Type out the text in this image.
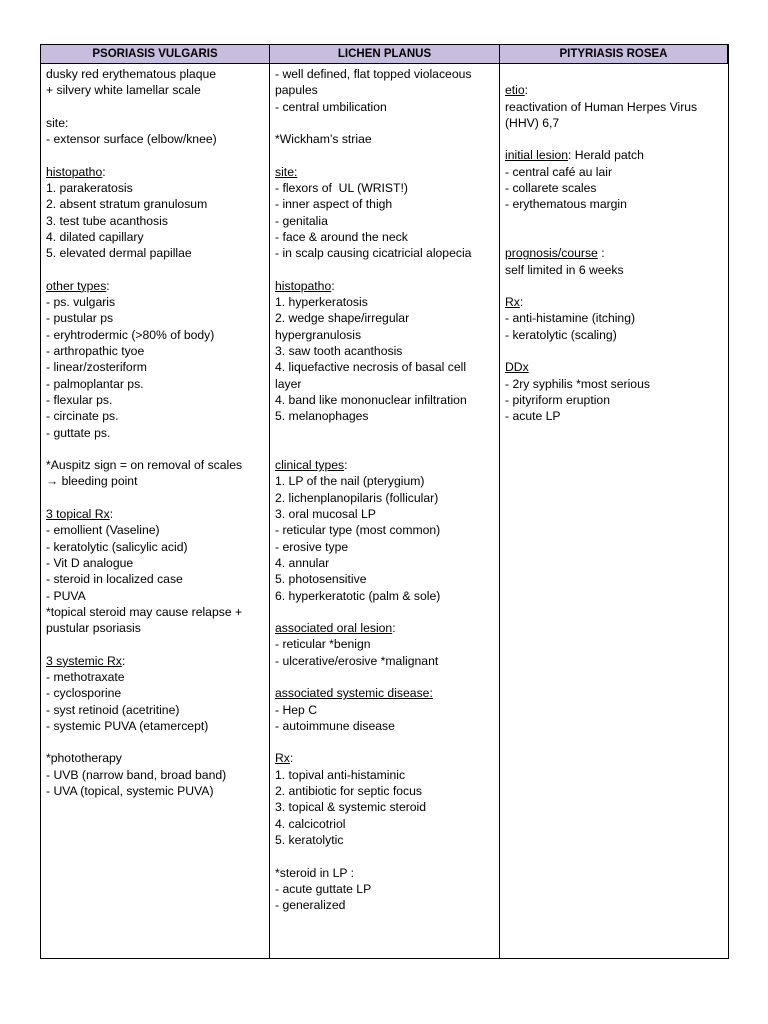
PSORIASIS VULGARIS	LICHEN PLANUS	PITYRIASIS ROSEA
dusky red erythematous plaque
+ silvery white lamellar scale
site:
- extensor surface (elbow/knee)
histopatho:
1. parakeratosis
2. absent stratum granulosum
3. test tube acanthosis
4. dilated capillary
5. elevated dermal papillae
other types:
- ps. vulgaris
- pustular ps
- eryhtrodermic (>80% of body)
- arthropathic tyoe
- linear/zosteriform
- palmoplantar ps.
- flexular ps.
- circinate ps.
- guttate ps.
*Auspitz sign = on removal of scales
→ bleeding point
3 topical Rx:
- emollient (Vaseline)
- keratolytic (salicylic acid)
- Vit D analogue
- steroid in localized case
- PUVA
*topical steroid may cause relapse +
pustular psoriasis
3 systemic Rx:
- methotraxate
- cyclosporine
- syst retinoid (acetritine)
- systemic PUVA (etamercept)
*phototherapy
- UVB (narrow band, broad band)
- UVA (topical, systemic PUVA)
- well defined, flat topped violaceous
papules
- central umbilication
*Wickham’s striae
site:
- flexors of  UL (WRIST!)
- inner aspect of thigh
- genitalia
- face & around the neck
- in scalp causing cicatricial alopecia
histopatho:
1. hyperkeratosis
2. wedge shape/irregular
hypergranulosis
3. saw tooth acanthosis
4. liquefactive necrosis of basal cell
layer
4. band like mononuclear infiltration
5. melanophages
clinical types:
1. LP of the nail (pterygium)
2. lichenplanopilaris (follicular)
3. oral mucosal LP
- reticular type (most common)
- erosive type
4. annular
5. photosensitive
6. hyperkeratotic (palm & sole)
associated oral lesion:
- reticular *benign
- ulcerative/erosive *malignant
associated systemic disease:
- Hep C
- autoimmune disease
Rx:
1. topival anti-histaminic
2. antibiotic for septic focus
3. topical & systemic steroid
4. calcicotriol
5. keratolytic
*steroid in LP :
- acute guttate LP
- generalized
etio:
reactivation of Human Herpes Virus
(HHV) 6,7
initial lesion: Herald patch
- central café au lair
- collarete scales
- erythematous margin
prognosis/course :
self limited in 6 weeks
Rx:
- anti-histamine (itching)
- keratolytic (scaling)
DDx
- 2ry syphilis *most serious
- pityriform eruption
- acute LP
